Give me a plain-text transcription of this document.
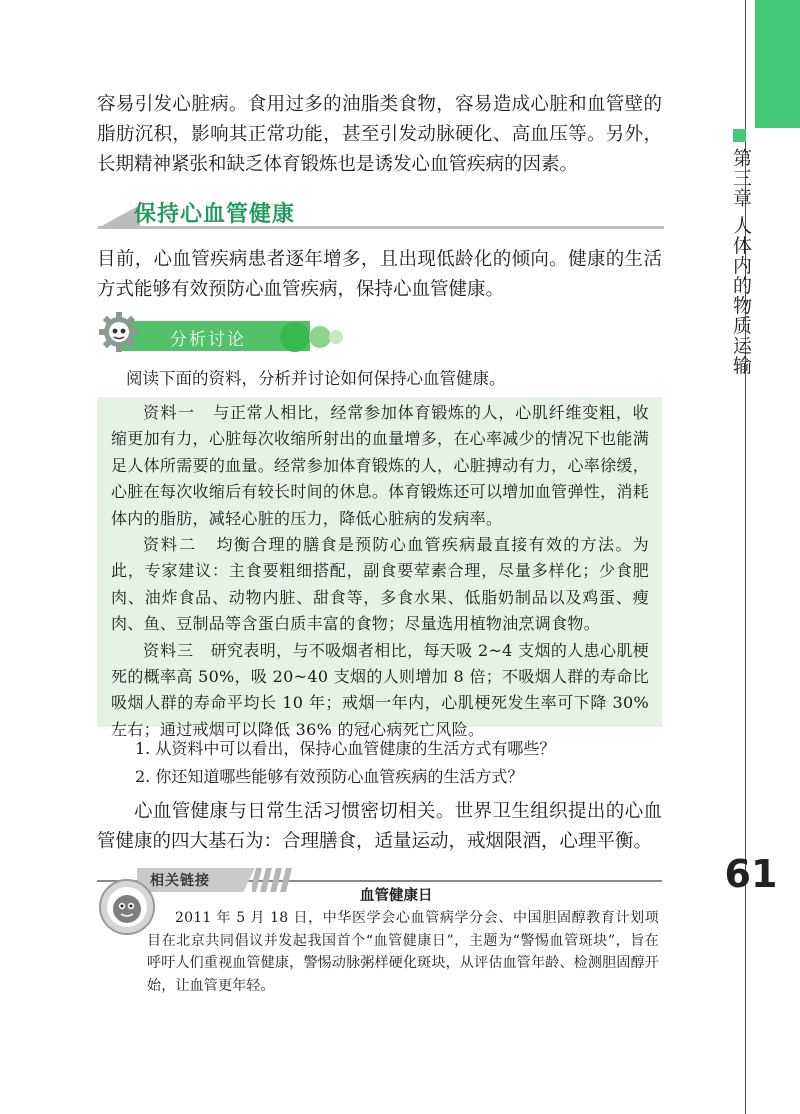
第三章 人体内的物质运输
61
容易引发心脏病。食用过多的油脂类食物，容易造成心脏和血管壁的脂肪沉积，影响其正常功能，甚至引发动脉硬化、高血压等。另外，长期精神紧张和缺乏体育锻炼也是诱发心血管疾病的因素。
保持心血管健康
目前，心血管疾病患者逐年增多，且出现低龄化的倾向。健康的生活方式能够有效预防心血管疾病，保持心血管健康。
分析讨论
阅读下面的资料，分析并讨论如何保持心血管健康。

资料一 与正常人相比，经常参加体育锻炼的人，心肌纤维变粗，收缩更加有力，心脏每次收缩所射出的血量增多，在心率减少的情况下也能满足人体所需要的血量。经常参加体育锻炼的人，心脏搏动有力，心率徐缓，心脏在每次收缩后有较长时间的休息。体育锻炼还可以增加血管弹性，消耗体内的脂肪，减轻心脏的压力，降低心脏病的发病率。

资料二 均衡合理的膳食是预防心血管疾病最直接有效的方法。为此，专家建议：主食要粗细搭配，副食要荤素合理，尽量多样化；少食肥肉、油炸食品、动物内脏、甜食等，多食水果、低脂奶制品以及鸡蛋、瘦肉、鱼、豆制品等含蛋白质丰富的食物；尽量选用植物油烹调食物。

资料三 研究表明，与不吸烟者相比，每天吸 2~4 支烟的人患心肌梗死的概率高 50%，吸 20~40 支烟的人则增加 8 倍；不吸烟人群的寿命比吸烟人群的寿命平均长 10 年；戒烟一年内，心肌梗死发生率可下降 30% 左右；通过戒烟可以降低 36% 的冠心病死亡风险。

1. 从资料中可以看出，保持心血管健康的生活方式有哪些？
2. 你还知道哪些能够有效预防心血管疾病的生活方式？
心血管健康与日常生活习惯密切相关。世界卫生组织提出的心血管健康的四大基石为：合理膳食，适量运动，戒烟限酒，心理平衡。
相关链接
血管健康日
2011 年 5 月 18 日，中华医学会心血管病学分会、中国胆固醇教育计划项目在北京共同倡议并发起我国首个“血管健康日”，主题为“警惕血管斑块”，旨在呼吁人们重视血管健康，警惕动脉粥样硬化斑块，从评估血管年龄、检测胆固醇开始，让血管更年轻。
